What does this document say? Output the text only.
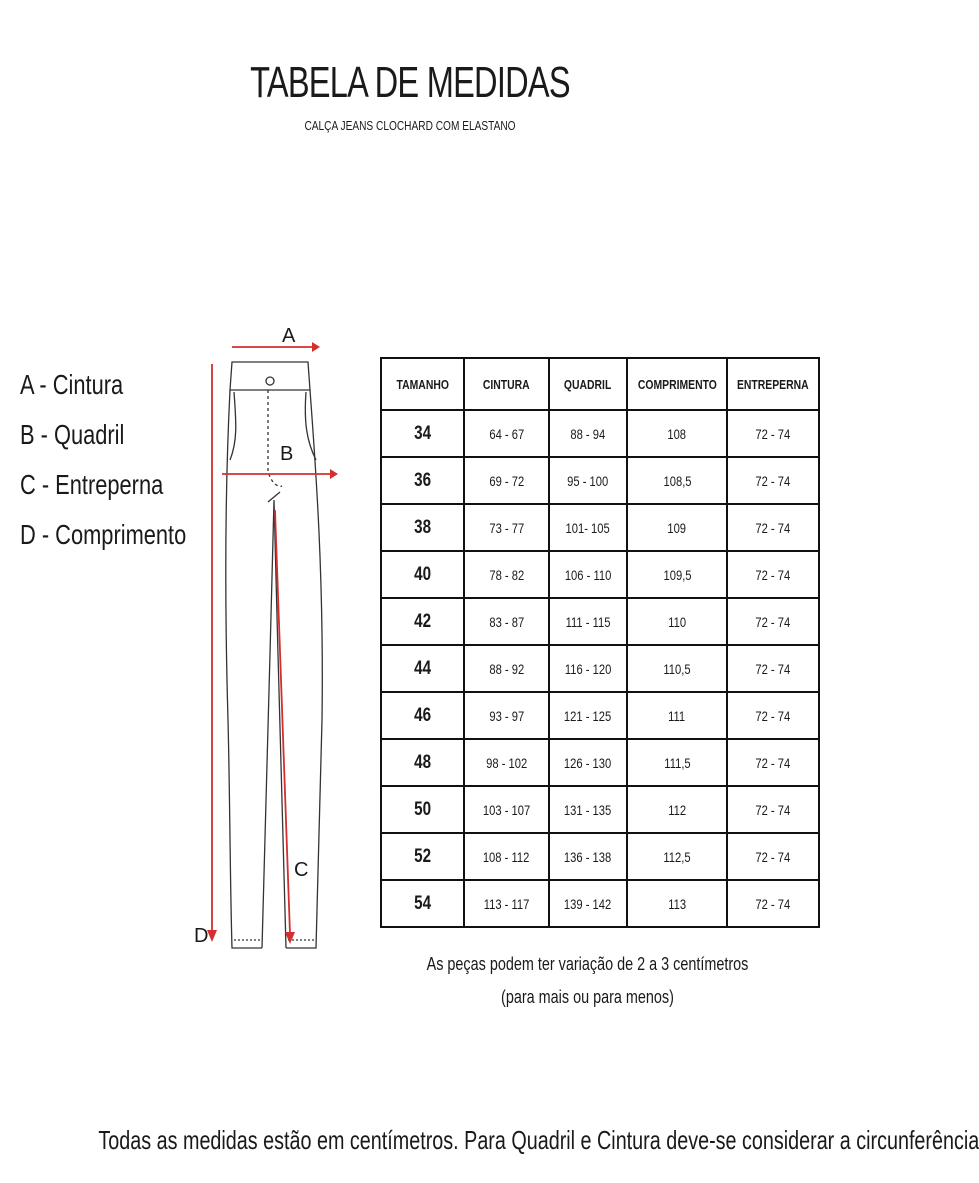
TABELA DE MEDIDAS
CALÇA JEANS CLOCHARD COM ELASTANO
A - Cintura
B - Quadril
C - Entreperna
D - Comprimento
A
B
C
D
TAMANHO	CINTURA	QUADRIL	COMPRIMENTO	ENTREPERNA
34	64 - 67	88 - 94	108	72 - 74
36	69 - 72	95 - 100	108,5	72 - 74
38	73 - 77	101- 105	109	72 - 74
40	78 - 82	106 - 110	109,5	72 - 74
42	83 - 87	111 - 115	110	72 - 74
44	88 - 92	116 - 120	110,5	72 - 74
46	93 - 97	121 - 125	111	72 - 74
48	98 - 102	126 - 130	111,5	72 - 74
50	103 - 107	131 - 135	112	72 - 74
52	108 - 112	136 - 138	112,5	72 - 74
54	113 - 117	139 - 142	113	72 - 74
As peças podem ter variação de 2 a 3 centímetros
(para mais ou para menos)
Todas as medidas estão em centímetros. Para Quadril e Cintura deve-se considerar a circunferência
